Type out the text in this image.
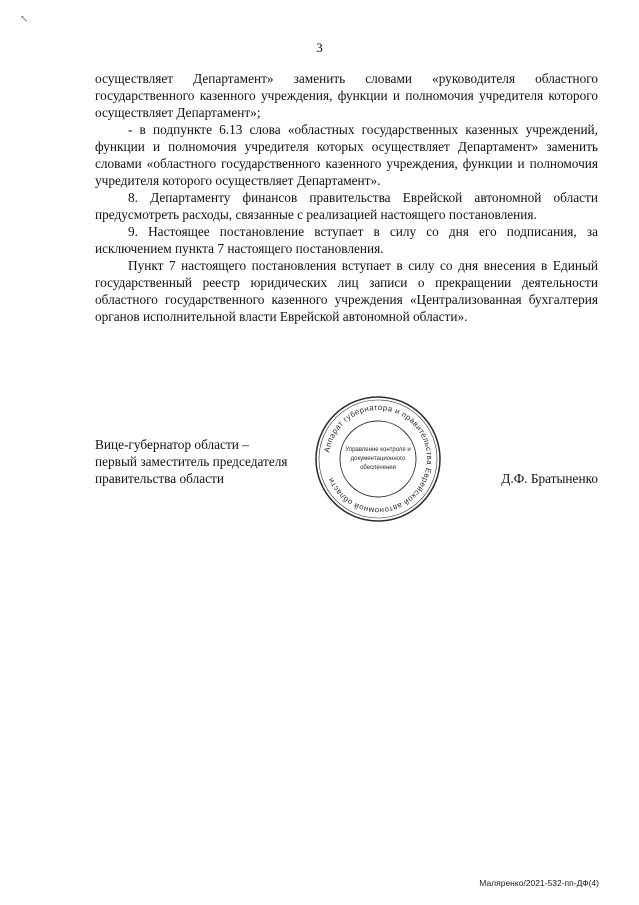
↖
3

осуществляет Департамент» заменить словами «руководителя областного государственного казенного учреждения, функции и полномочия учредителя которого осуществляет Департамент»;

- в подпункте 6.13 слова «областных государственных казенных учреждений, функции и полномочия учредителя которых осуществляет Департамент» заменить словами «областного государственного казенного учреждения, функции и полномочия учредителя которого осуществляет Департамент».

8. Департаменту финансов правительства Еврейской автономной области предусмотреть расходы, связанные с реализацией настоящего постановления.

9. Настоящее постановление вступает в силу со дня его подписания, за исключением пункта 7 настоящего постановления.

Пункт 7 настоящего постановления вступает в силу со дня внесения в Единый государственный реестр юридических лиц записи о прекращении деятельности областного государственного казенного учреждения «Централизованная бухгалтерия органов исполнительной власти Еврейской автономной области».

Вице-губернатор области –
первый заместитель председателя
правительства области	Д.Ф. Братыненко
Аппарат губернатора и правительства Еврейской автономной области
Управление контроля и
документационного
обеспечения
Маляренко/2021-532-пп-ДФ(4)
